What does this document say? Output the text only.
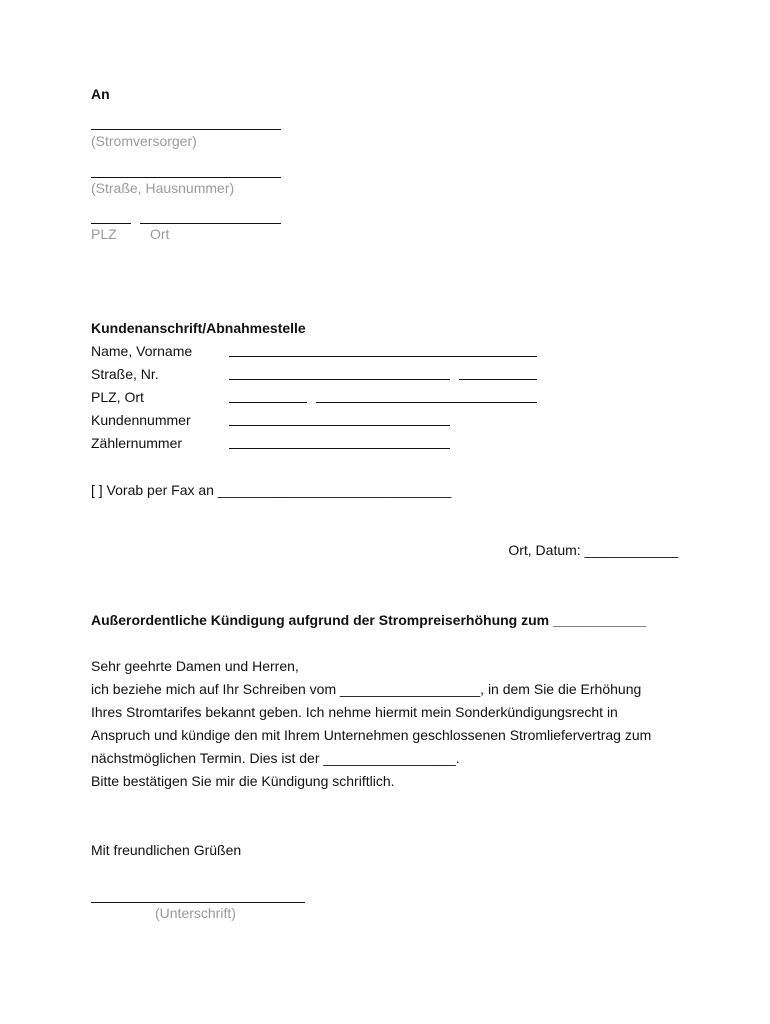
An
(Stromversorger)
(Straße, Hausnummer)
PLZ Ort
Kundenanschrift/Abnahmestelle
Name, Vorname
Straße, Nr.
PLZ, Ort
Kundennummer
Zählernummer
[ ] Vorab per Fax an ______________________________
Ort, Datum: ____________
Außerordentliche Kündigung aufgrund der Strompreiserhöhung zum ____________
Sehr geehrte Damen und Herren,
ich beziehe mich auf Ihr Schreiben vom __________________, in dem Sie die Erhöhung
Ihres Stromtarifes bekannt geben. Ich nehme hiermit mein Sonderkündigungsrecht in
Anspruch und kündige den mit Ihrem Unternehmen geschlossenen Stromliefervertrag zum
nächstmöglichen Termin. Dies ist der _________________.
Bitte bestätigen Sie mir die Kündigung schriftlich.
Mit freundlichen Grüßen
(Unterschrift)
